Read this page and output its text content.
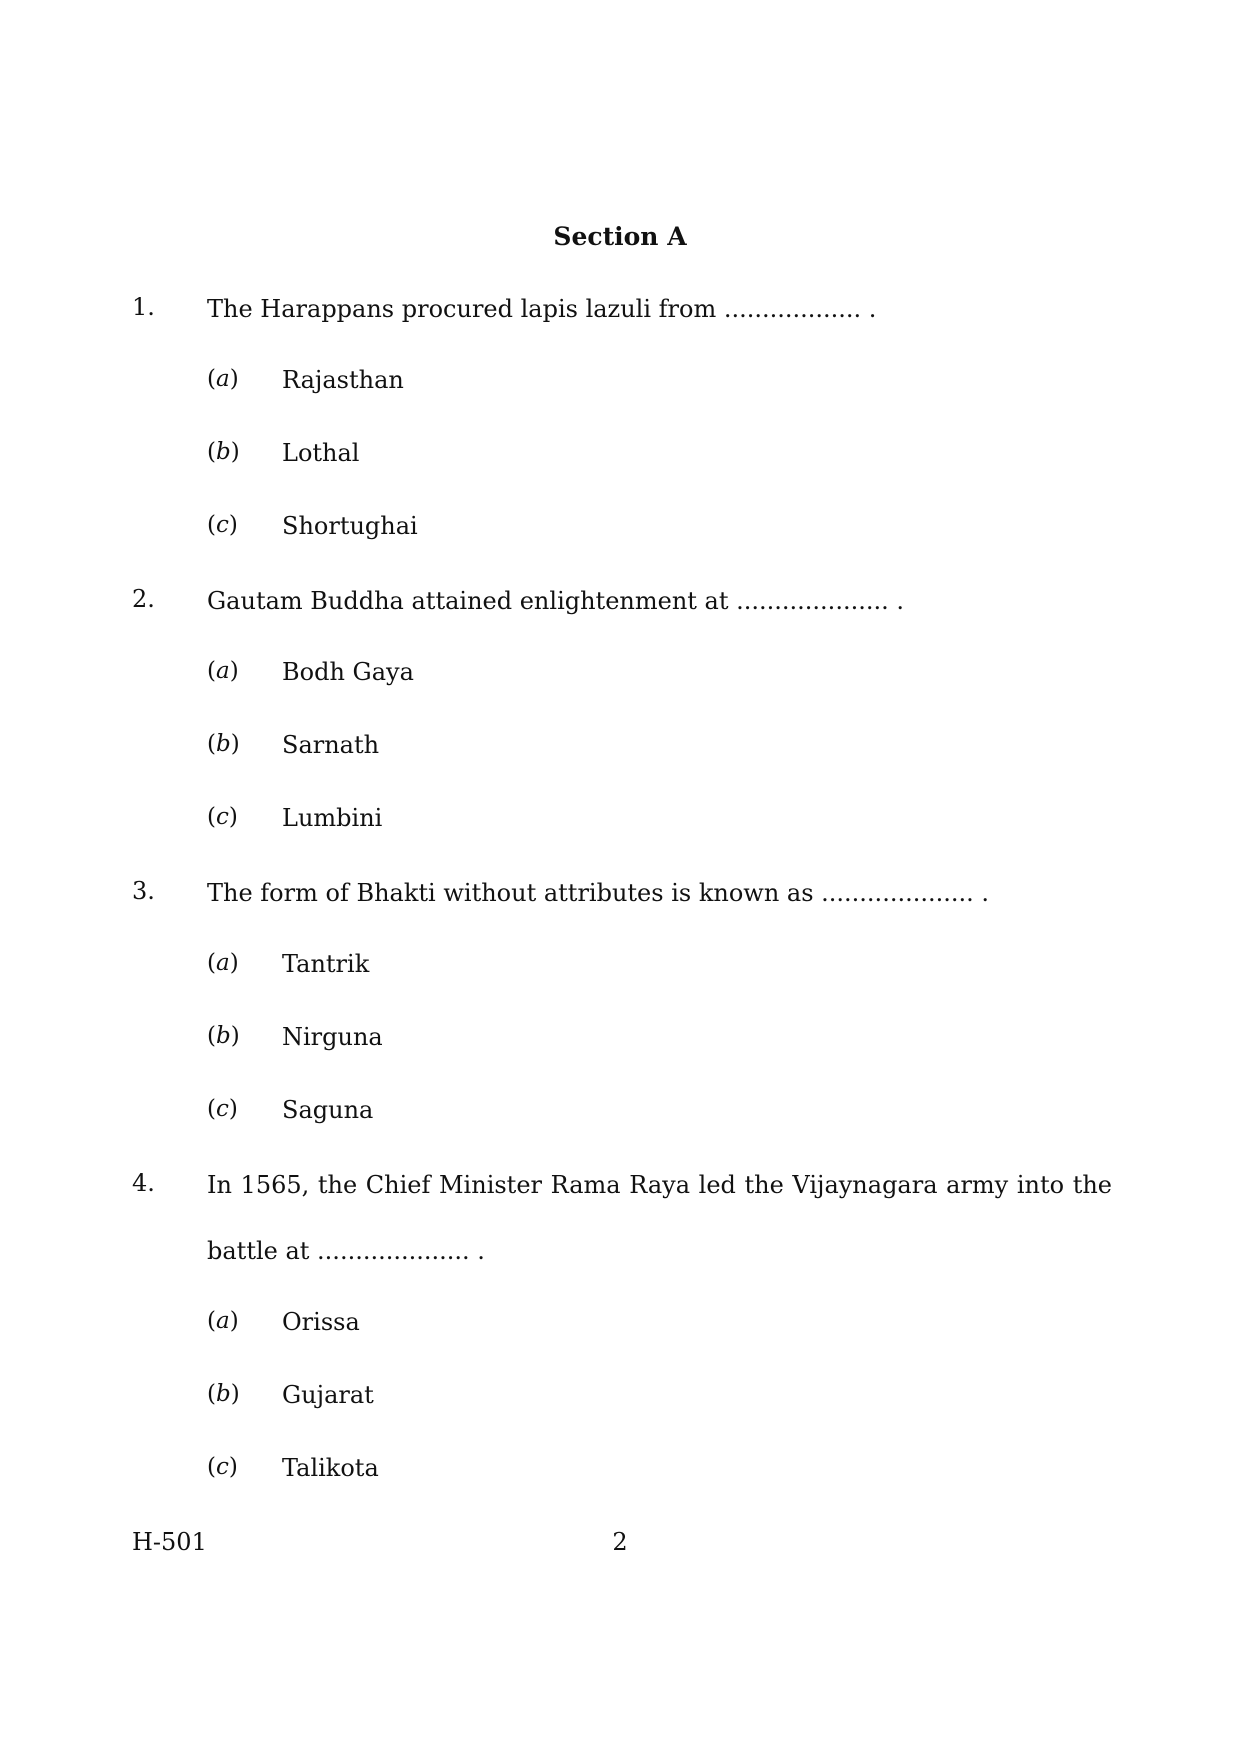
Section A
1. The Harappans procured lapis lazuli from .................. .
(a) Rajasthan
(b) Lothal
(c) Shortughai
2. Gautam Buddha attained enlightenment at .................... .
(a) Bodh Gaya
(b) Sarnath
(c) Lumbini
3. The form of Bhakti without attributes is known as .................... .
(a) Tantrik
(b) Nirguna
(c) Saguna
4. In 1565, the Chief Minister Rama Raya led the Vijaynagara army into the battle at .................... .
(a) Orissa
(b) Gujarat
(c) Talikota
H-501	2
